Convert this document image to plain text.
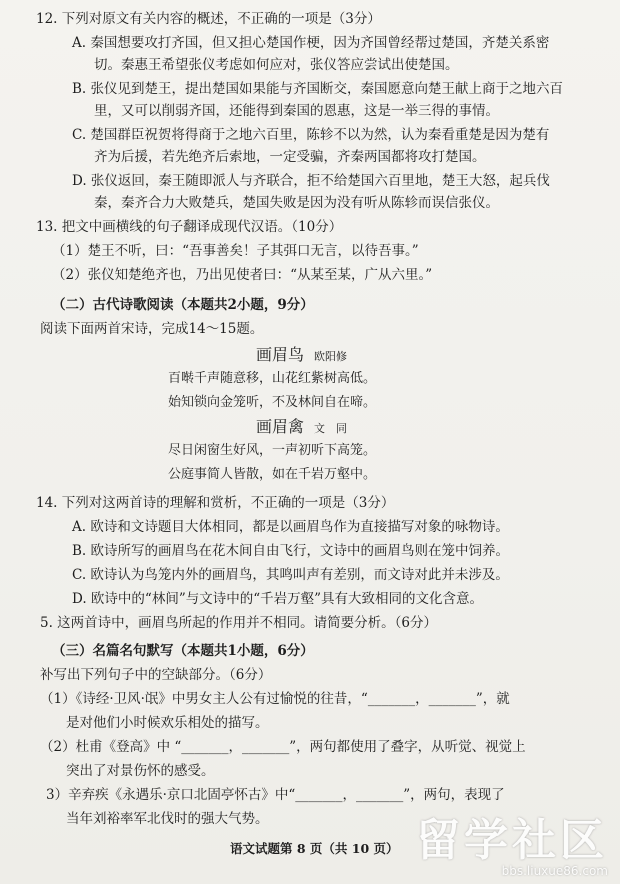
12. 下列对原文有关内容的概述，不正确的一项是（3分）
A. 秦国想要攻打齐国，但又担心楚国作梗，因为齐国曾经帮过楚国，齐楚关系密
切。秦惠王希望张仪考虑如何应对，张仪答应尝试出使楚国。
B. 张仪见到楚王，提出楚国如果能与齐国断交，秦国愿意向楚王献上商于之地六百
里，又可以削弱齐国，还能得到秦国的恩惠，这是一举三得的事情。
C. 楚国群臣祝贺将得商于之地六百里，陈轸不以为然，认为秦看重楚是因为楚有
齐为后援，若先绝齐后索地，一定受骗，齐秦两国都将攻打楚国。
D. 张仪返回，秦王随即派人与齐联合，拒不给楚国六百里地，楚王大怒，起兵伐
秦，秦齐合力大败楚兵，楚国失败是因为没有听从陈轸而误信张仪。
13. 把文中画横线的句子翻译成现代汉语。（10分）
（1）楚王不听，曰：“吾事善矣！子其弭口无言，以待吾事。”
（2）张仪知楚绝齐也，乃出见使者曰：“从某至某，广从六里。”
（二）古代诗歌阅读（本题共2小题，9分）
阅读下面两首宋诗，完成14～15题。
画眉鸟 欧阳修
百啭千声随意移，山花红紫树高低。
始知锁向金笼听，不及林间自在啼。
画眉禽 文　同
尽日闲窗生好风，一声初听下高笼。
公庭事简人皆散，如在千岩万壑中。
14. 下列对这两首诗的理解和赏析，不正确的一项是（3分）
A. 欧诗和文诗题目大体相同，都是以画眉鸟作为直接描写对象的咏物诗。
B. 欧诗所写的画眉鸟在花木间自由飞行，文诗中的画眉鸟则在笼中饲养。
C. 欧诗认为鸟笼内外的画眉鸟，其鸣叫声有差别，而文诗对此并未涉及。
D. 欧诗中的“林间”与文诗中的“千岩万壑”具有大致相同的文化含意。
5. 这两首诗中，画眉鸟所起的作用并不相同。请简要分析。（6分）
（三）名篇名句默写（本题共1小题，6分）
补写出下列句子中的空缺部分。（6分）
（1）《诗经·卫风·氓》中男女主人公有过愉悦的往昔，“_______，_______”，就
是对他们小时候欢乐相处的描写。
（2）杜甫《登高》中 “_______，_______”，两句都使用了叠字，从听觉、视觉上
突出了对景伤怀的感受。
3）辛弃疾《永遇乐·京口北固亭怀古》中“_______，_______”，两句，表现了
当年刘裕率军北伐时的强大气势。
语文试题第 8 页（共 10 页） 留学社区
bbs.liuxue86.com
